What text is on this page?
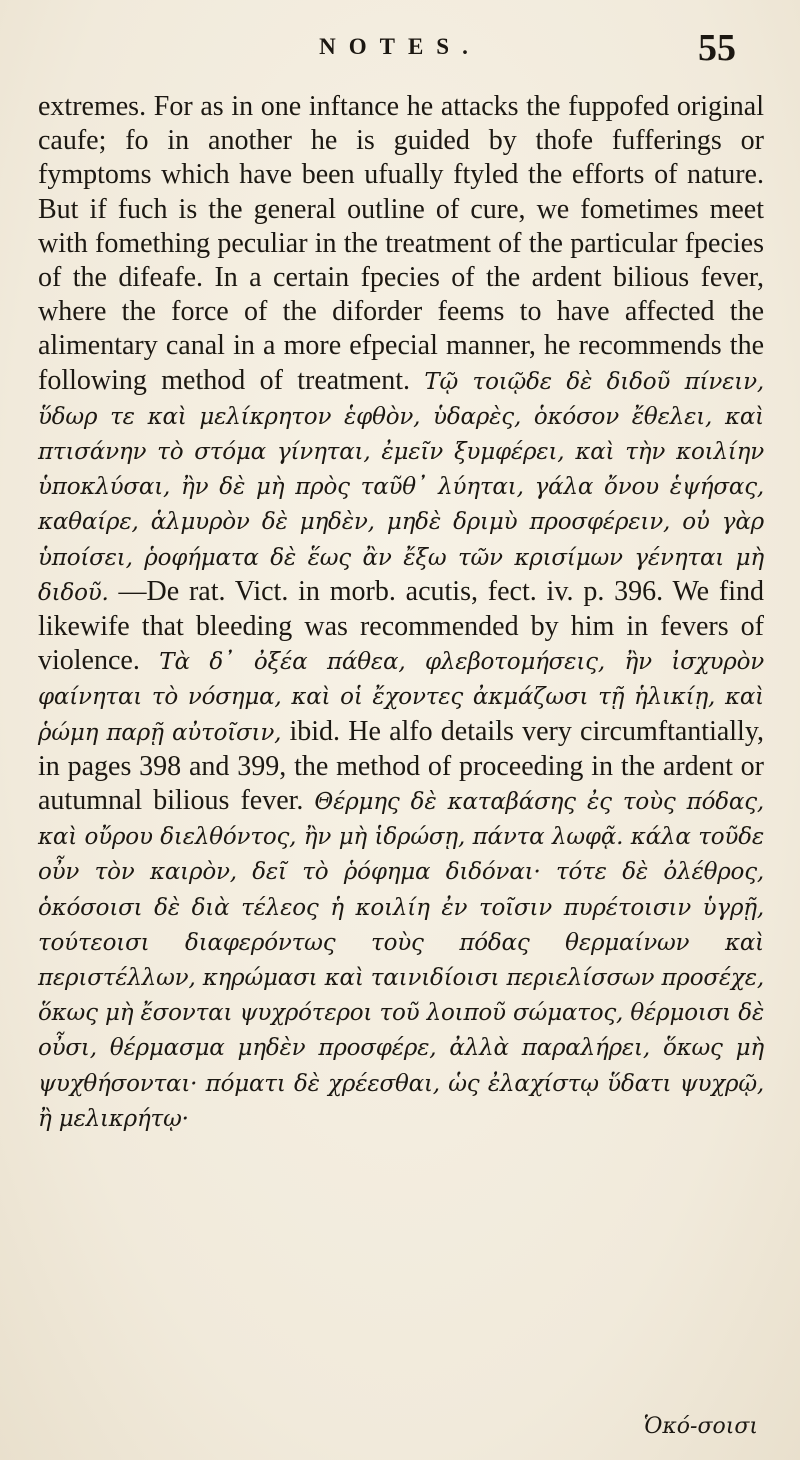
NOTES.	55

extremes. For as in one inftance he attacks the fuppofed original caufe; fo in another he is guided by thofe fufferings or fymptoms which have been ufually ftyled the efforts of nature. But if fuch is the general outline of cure, we fometimes meet with fomething peculiar in the treatment of the particular fpecies of the difeafe. In a certain fpecies of the ardent bilious fever, where the force of the diforder feems to have affected the alimentary canal in a more efpecial manner, he recommends the following method of treatment. Τῷ τοιῷδε δὲ διδοῦ πίνειν, ὕδωρ τε καὶ μελίκρητον ἑφθὸν, ὑδαρὲς, ὁκόσον ἔθελει, καὶ πτισάνην τὸ στόμα γίνηται, ἐμεῖν ξυμφέρει, καὶ τὴν κοιλίην ὑποκλύσαι, ἢν δὲ μὴ πρὸς ταῦθ᾽ λύηται, γάλα ὄνου ἑψήσας, καθαίρε, ἁλμυρὸν δὲ μηδὲν, μηδὲ δριμὺ προσφέρειν, οὐ γὰρ ὑποίσει, ῥοφήματα δὲ ἕως ἂν ἔξω τῶν κρισίμων γένηται μὴ διδοῦ. —De rat. Vict. in morb. acutis, fect. iv. p. 396. We find likewife that bleeding was recommended by him in fevers of violence. Τὰ δ᾽ ὀξέα πάθεα, φλεβοτομήσεις, ἢν ἰσχυρὸν φαίνηται τὸ νόσημα, καὶ οἱ ἔχοντες ἀκμάζωσι τῇ ἡλικίῃ, καὶ ῥώμη παρῇ αὐτοῖσιν, ibid. He alfo details very circumftantially, in pages 398 and 399, the method of proceeding in the ardent or autumnal bilious fever. Θέρμης δὲ καταβάσης ἐς τοὺς πόδας, καὶ οὔρου διελθόντος, ἢν μὴ ἱδρώσῃ, πάντα λωφᾷ. κάλα τοῦδε οὖν τὸν καιρὸν, δεῖ τὸ ῥόφημα διδόναι· τότε δὲ ὀλέθρος, ὁκόσοισι δὲ διὰ τέλεος ἡ κοιλίη ἐν τοῖσιν πυρέτοισιν ὑγρῇ, τούτεοισι διαφερόντως τοὺς πόδας θερμαίνων καὶ περιστέλλων, κηρώμασι καὶ ταινιδίοισι περιελίσσων προσέχε, ὅκως μὴ ἔσονται ψυχρότεροι τοῦ λοιποῦ σώματος, θέρμοισι δὲ οὖσι, θέρμασμα μηδὲν προσφέρε, ἀλλὰ παραλήρει, ὅκως μὴ ψυχθήσονται· πόματι δὲ χρέεσθαι, ὡς ἐλαχίστῳ ὕδατι ψυχρῷ, ἢ μελικρήτῳ·

Ὁκό-σοισι
